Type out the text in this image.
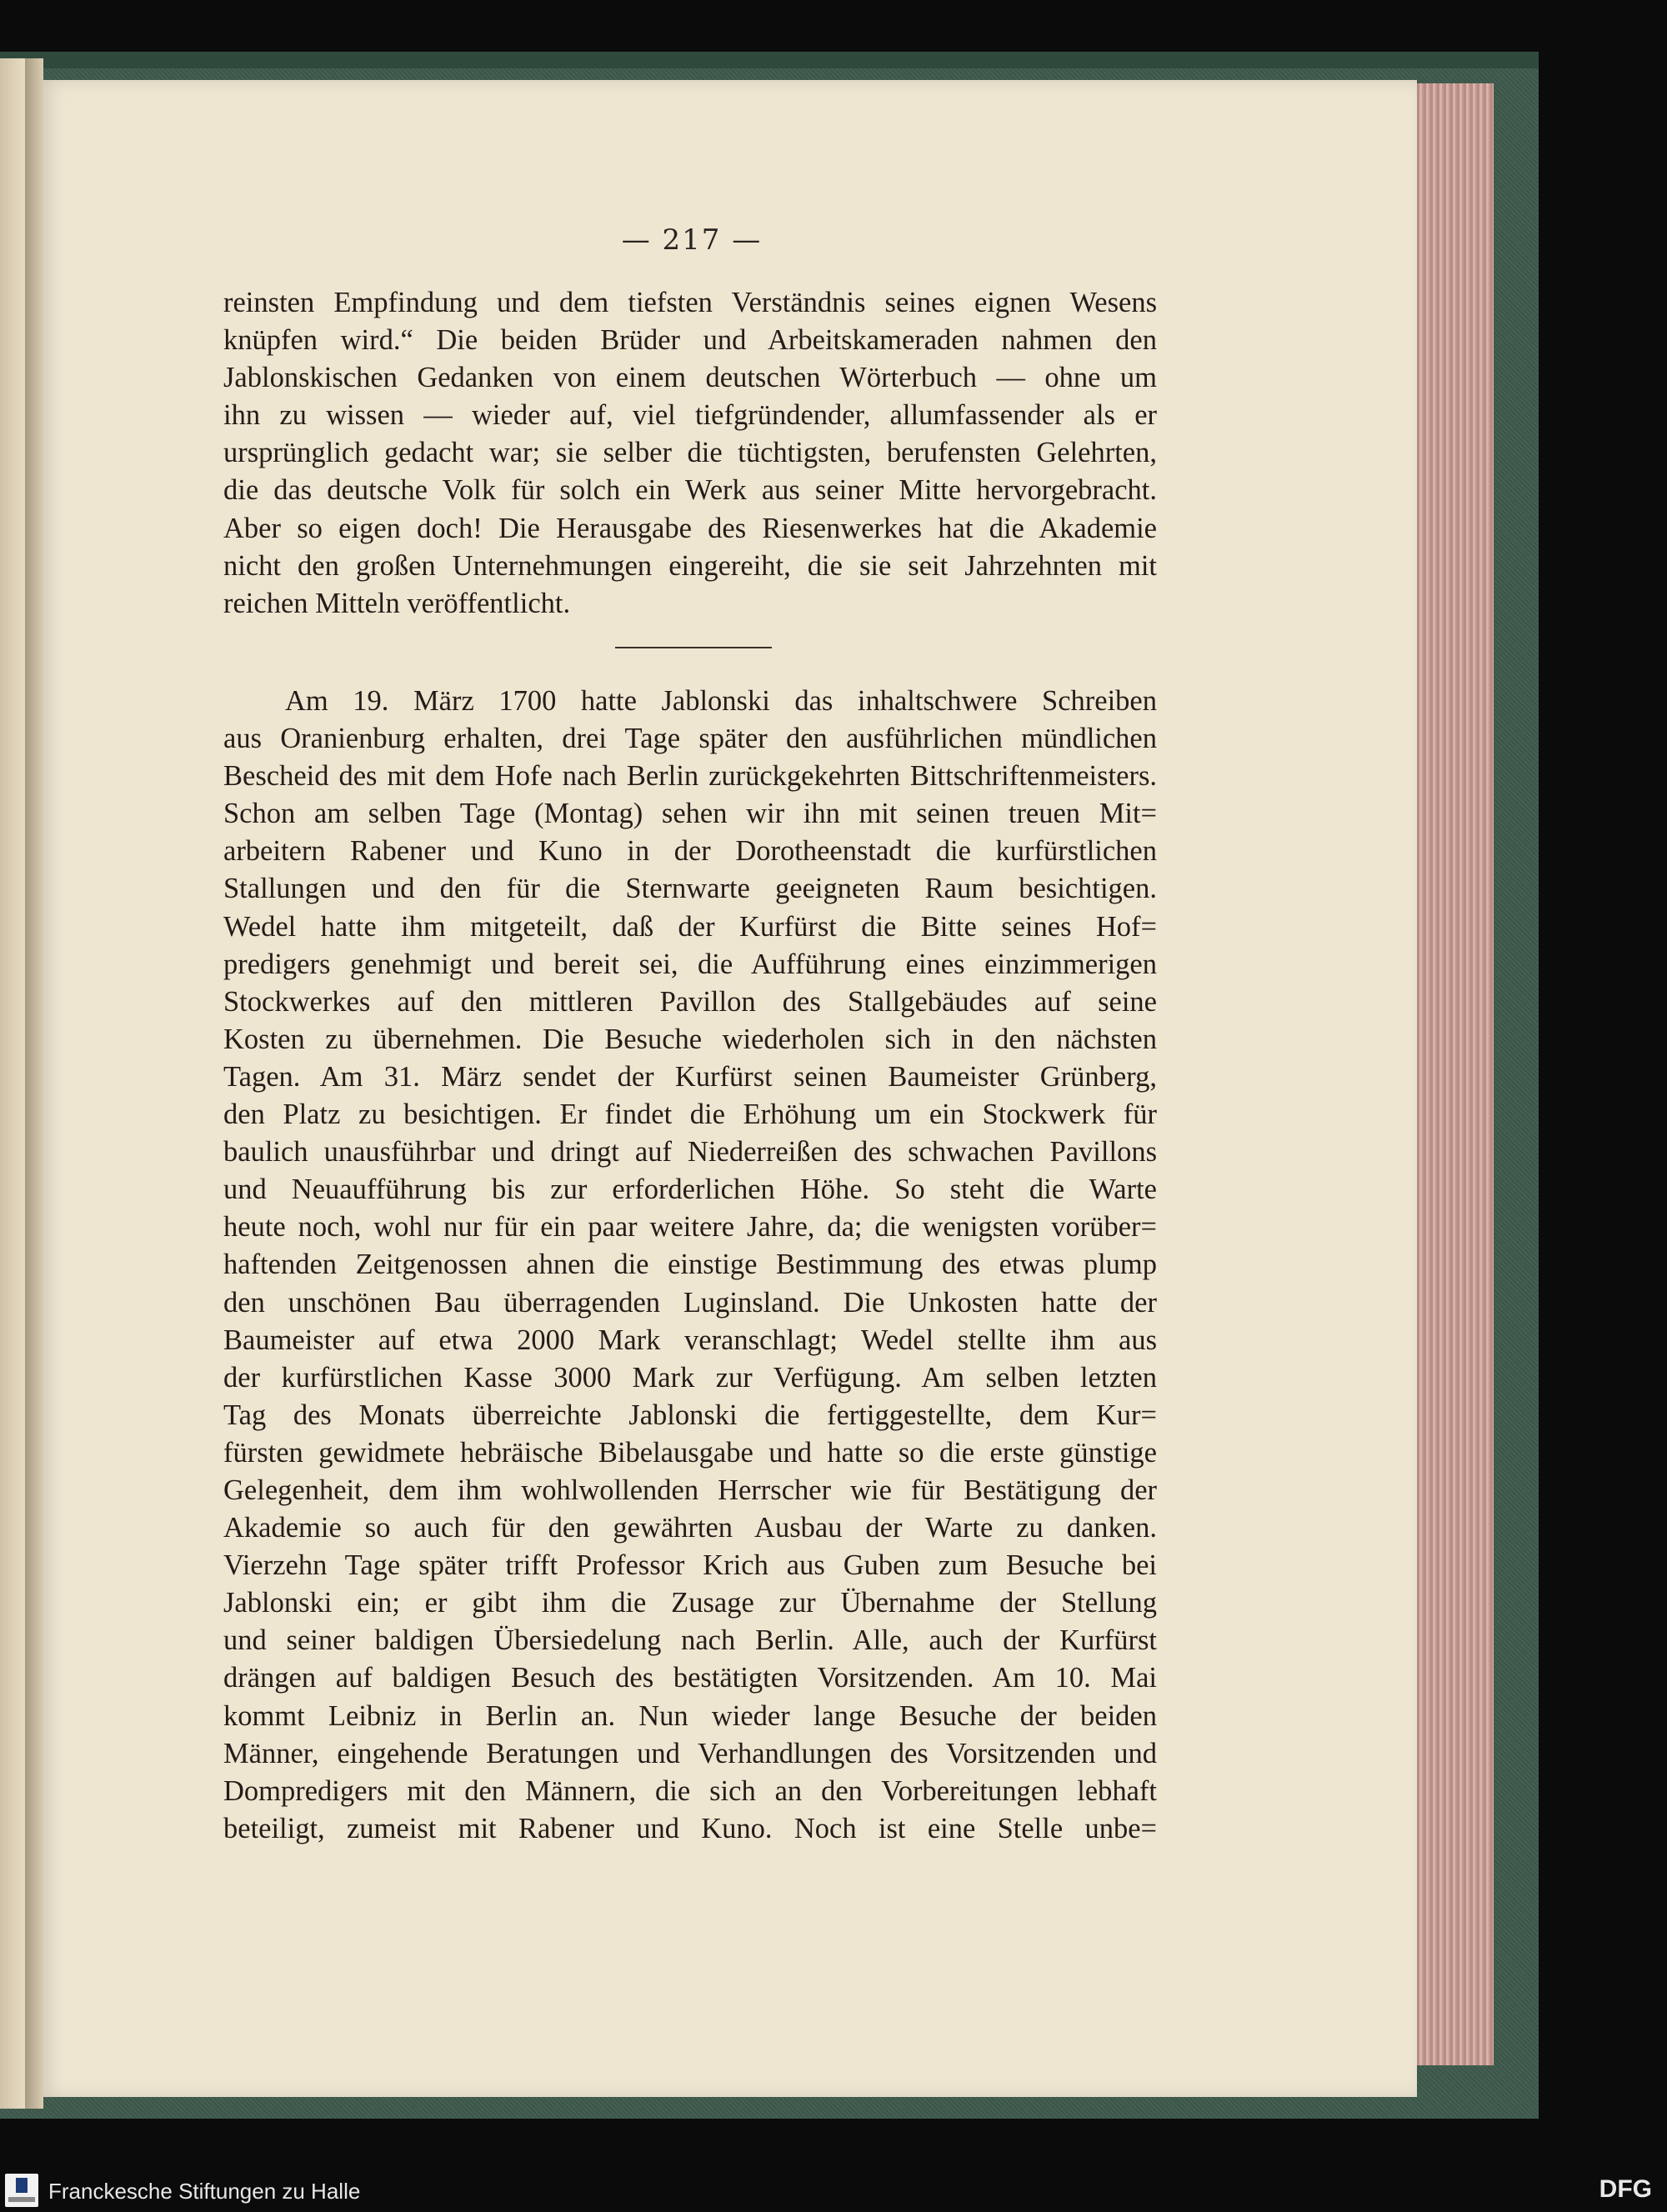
— 217 —
reinsten Empfindung und dem tiefsten Verständnis seines eignen Wesens
knüpfen wird.“ Die beiden Brüder und Arbeitskameraden nahmen den
Jablonskischen Gedanken von einem deutschen Wörterbuch — ohne um
ihn zu wissen — wieder auf, viel tiefgründender, allumfassender als er
ursprünglich gedacht war; sie selber die tüchtigsten, berufensten Gelehrten,
die das deutsche Volk für solch ein Werk aus seiner Mitte hervorgebracht.
Aber so eigen doch! Die Herausgabe des Riesenwerkes hat die Akademie
nicht den großen Unternehmungen eingereiht, die sie seit Jahrzehnten mit
reichen Mitteln veröffentlicht.
Am 19. März 1700 hatte Jablonski das inhaltschwere Schreiben
aus Oranienburg erhalten, drei Tage später den ausführlichen mündlichen
Bescheid des mit dem Hofe nach Berlin zurückgekehrten Bittschriftenmeisters.
Schon am selben Tage (Montag) sehen wir ihn mit seinen treuen Mit=
arbeitern Rabener und Kuno in der Dorotheenstadt die kurfürstlichen
Stallungen und den für die Sternwarte geeigneten Raum besichtigen.
Wedel hatte ihm mitgeteilt, daß der Kurfürst die Bitte seines Hof=
predigers genehmigt und bereit sei, die Aufführung eines einzimmerigen
Stockwerkes auf den mittleren Pavillon des Stallgebäudes auf seine
Kosten zu übernehmen. Die Besuche wiederholen sich in den nächsten
Tagen. Am 31. März sendet der Kurfürst seinen Baumeister Grünberg,
den Platz zu besichtigen. Er findet die Erhöhung um ein Stockwerk für
baulich unausführbar und dringt auf Niederreißen des schwachen Pavillons
und Neuaufführung bis zur erforderlichen Höhe. So steht die Warte
heute noch, wohl nur für ein paar weitere Jahre, da; die wenigsten vorüber=
haftenden Zeitgenossen ahnen die einstige Bestimmung des etwas plump
den unschönen Bau überragenden Luginsland. Die Unkosten hatte der
Baumeister auf etwa 2000 Mark veranschlagt; Wedel stellte ihm aus
der kurfürstlichen Kasse 3000 Mark zur Verfügung. Am selben letzten
Tag des Monats überreichte Jablonski die fertiggestellte, dem Kur=
fürsten gewidmete hebräische Bibelausgabe und hatte so die erste günstige
Gelegenheit, dem ihm wohlwollenden Herrscher wie für Bestätigung der
Akademie so auch für den gewährten Ausbau der Warte zu danken.
Vierzehn Tage später trifft Professor Krich aus Guben zum Besuche bei
Jablonski ein; er gibt ihm die Zusage zur Übernahme der Stellung
und seiner baldigen Übersiedelung nach Berlin. Alle, auch der Kurfürst
drängen auf baldigen Besuch des bestätigten Vorsitzenden. Am 10. Mai
kommt Leibniz in Berlin an. Nun wieder lange Besuche der beiden
Männer, eingehende Beratungen und Verhandlungen des Vorsitzenden und
Dompredigers mit den Männern, die sich an den Vorbereitungen lebhaft
beteiligt, zumeist mit Rabener und Kuno. Noch ist eine Stelle unbe=
Franckesche Stiftungen zu Halle	DFG
